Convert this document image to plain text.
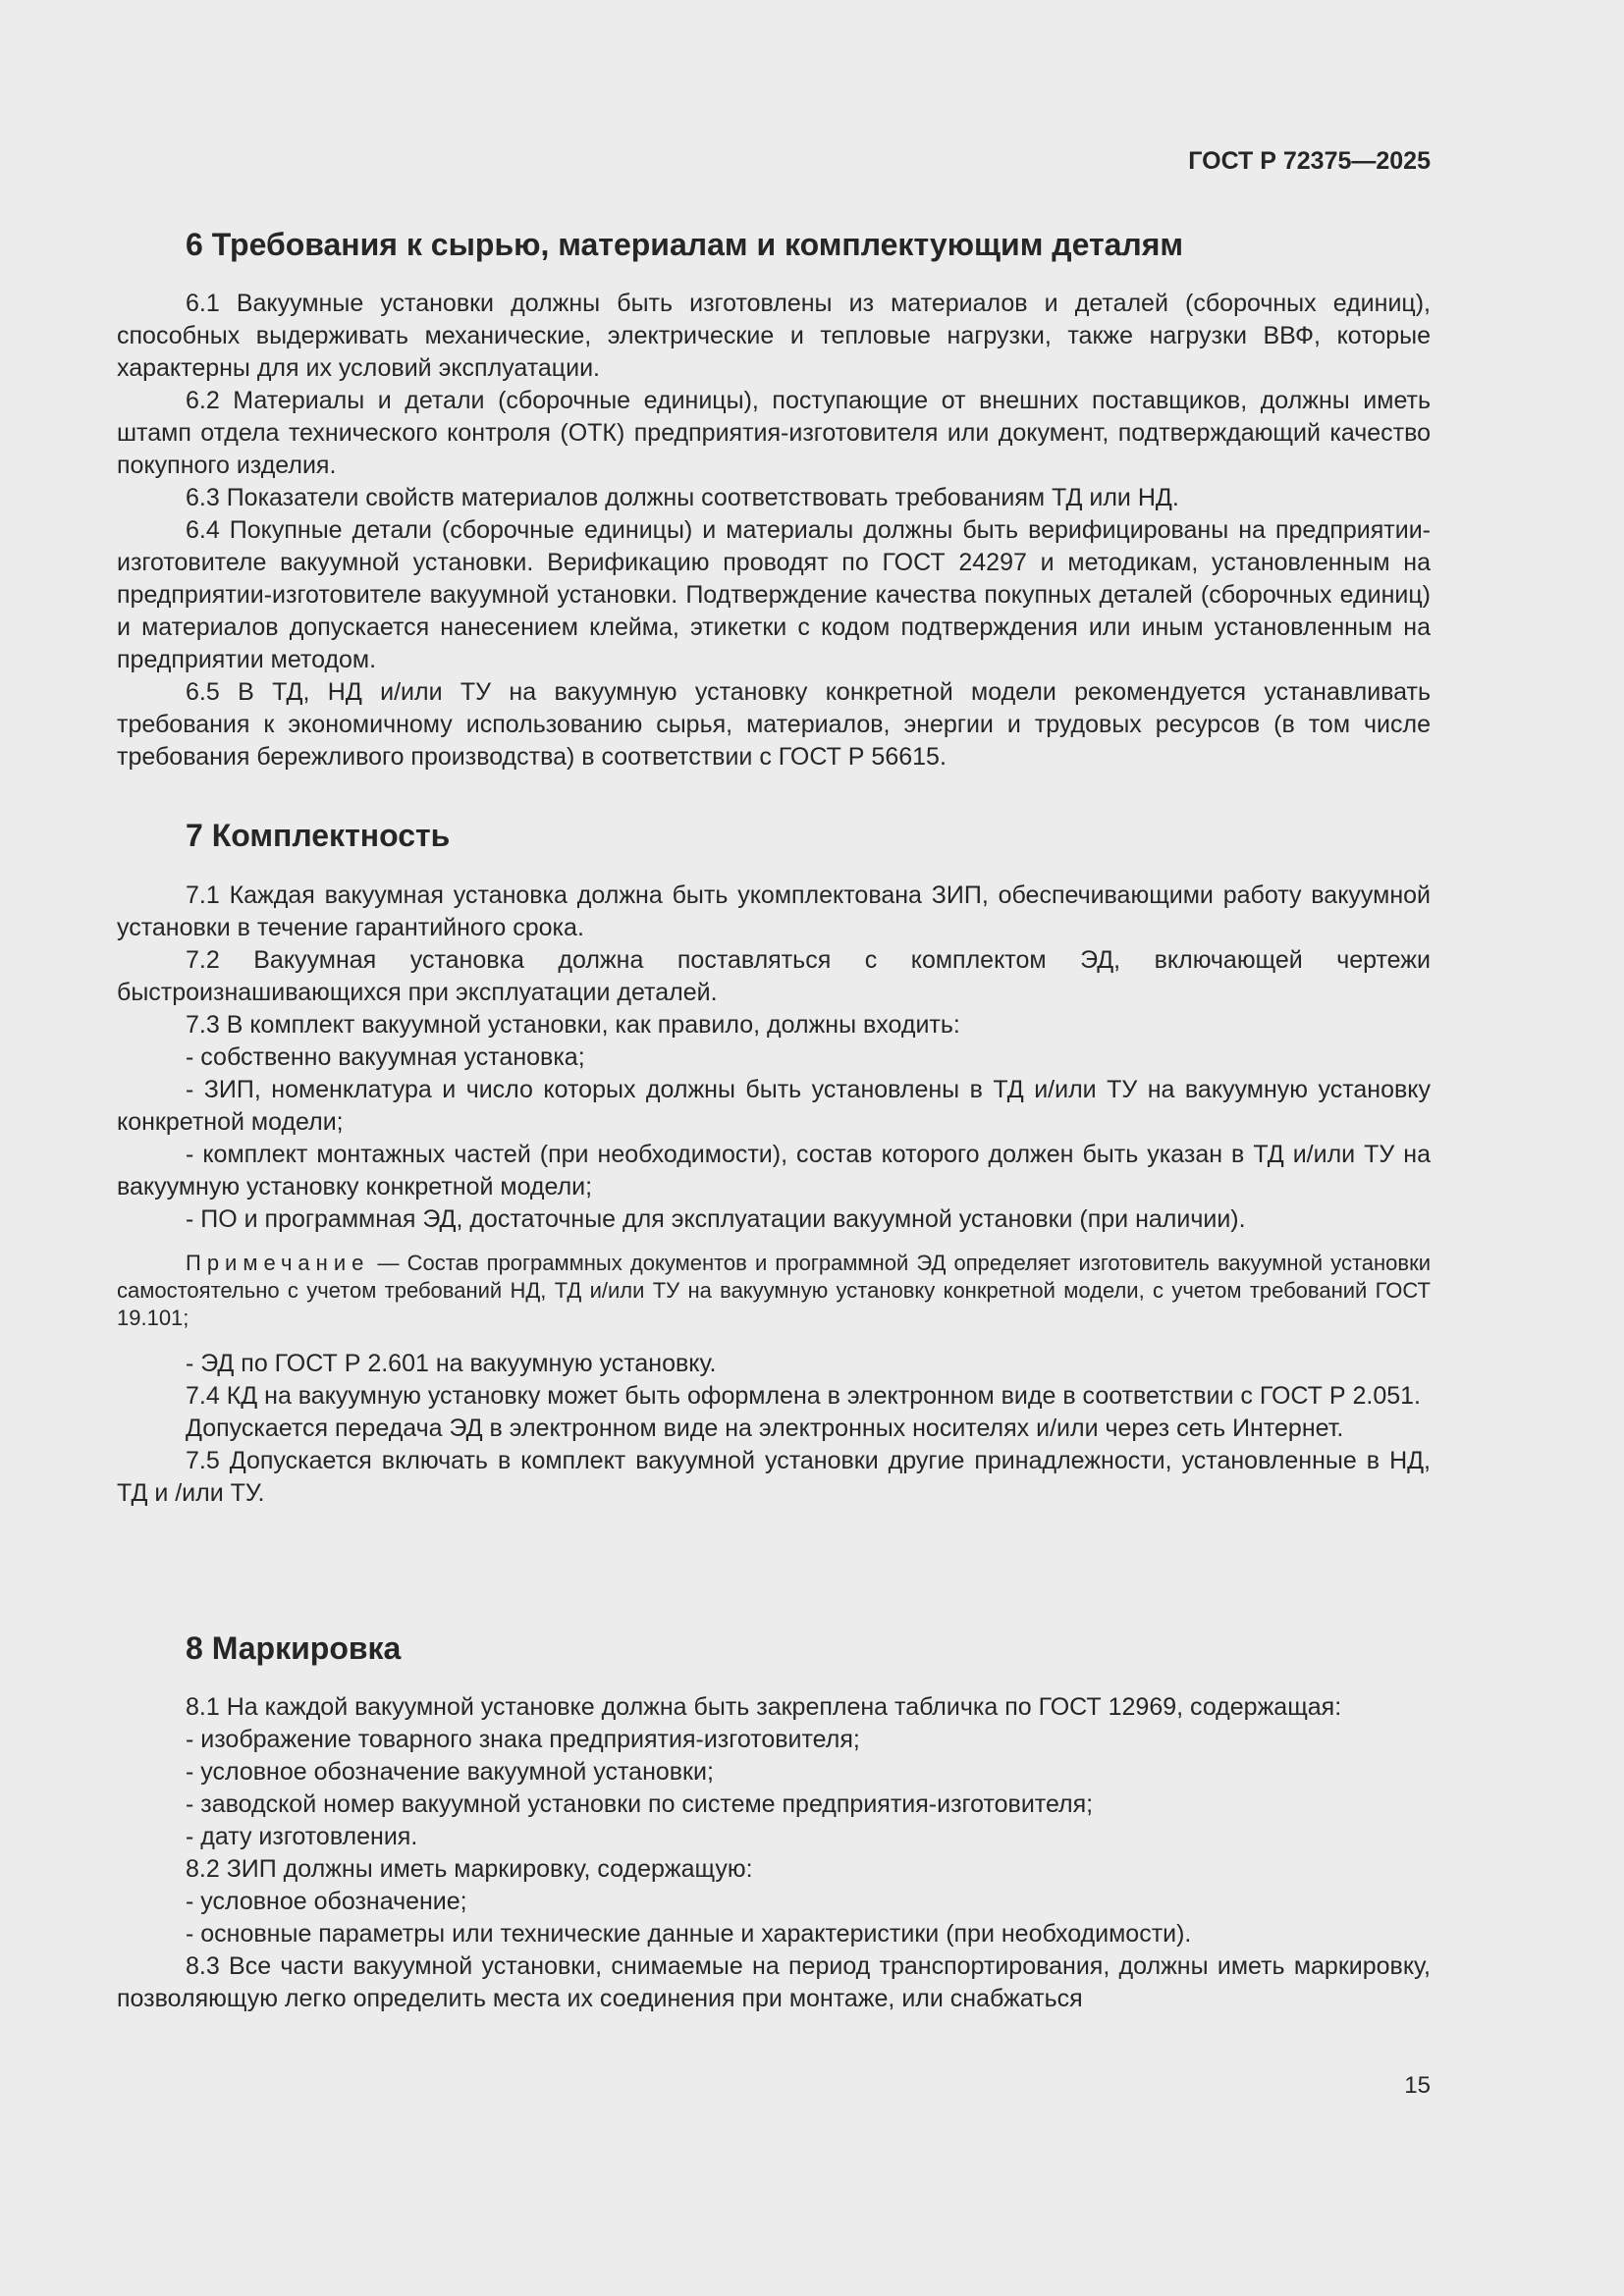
ГОСТ Р 72375—2025
6 Требования к сырью, материалам и комплектующим деталям

6.1 Вакуумные установки должны быть изготовлены из материалов и деталей (сборочных единиц), способных выдерживать механические, электрические и тепловые нагрузки, также нагрузки ВВФ, которые характерны для их условий эксплуатации.

6.2 Материалы и детали (сборочные единицы), поступающие от внешних поставщиков, должны иметь штамп отдела технического контроля (ОТК) предприятия-изготовителя или документ, подтверждающий качество покупного изделия.

6.3 Показатели свойств материалов должны соответствовать требованиям ТД или НД.

6.4 Покупные детали (сборочные единицы) и материалы должны быть верифицированы на предприятии-изготовителе вакуумной установки. Верификацию проводят по ГОСТ 24297 и методикам, установленным на предприятии-изготовителе вакуумной установки. Подтверждение качества покупных деталей (сборочных единиц) и материалов допускается нанесением клейма, этикетки с кодом подтверждения или иным установленным на предприятии методом.

6.5 В ТД, НД и/или ТУ на вакуумную установку конкретной модели рекомендуется устанавливать требования к экономичному использованию сырья, материалов, энергии и трудовых ресурсов (в том числе требования бережливого производства) в соответствии с ГОСТ Р 56615.

7 Комплектность

7.1 Каждая вакуумная установка должна быть укомплектована ЗИП, обеспечивающими работу вакуумной установки в течение гарантийного срока.

7.2 Вакуумная установка должна поставляться с комплектом ЭД, включающей чертежи быстроизнашивающихся при эксплуатации деталей.

7.3 В комплект вакуумной установки, как правило, должны входить:

- собственно вакуумная установка;

- ЗИП, номенклатура и число которых должны быть установлены в ТД и/или ТУ на вакуумную установку конкретной модели;

- комплект монтажных частей (при необходимости), состав которого должен быть указан в ТД и/или ТУ на вакуумную установку конкретной модели;

- ПО и программная ЭД, достаточные для эксплуатации вакуумной установки (при наличии).

Примечание — Состав программных документов и программной ЭД определяет изготовитель вакуумной установки самостоятельно с учетом требований НД, ТД и/или ТУ на вакуумную установку конкретной модели, с учетом требований ГОСТ 19.101;

- ЭД по ГОСТ Р 2.601 на вакуумную установку.

7.4 КД на вакуумную установку может быть оформлена в электронном виде в соответствии с ГОСТ Р 2.051.

Допускается передача ЭД в электронном виде на электронных носителях и/или через сеть Интернет.

7.5 Допускается включать в комплект вакуумной установки другие принадлежности, установленные в НД, ТД и /или ТУ.

8 Маркировка

8.1 На каждой вакуумной установке должна быть закреплена табличка по ГОСТ 12969, содержащая:

- изображение товарного знака предприятия-изготовителя;

- условное обозначение вакуумной установки;

- заводской номер вакуумной установки по системе предприятия-изготовителя;

- дату изготовления.

8.2 ЗИП должны иметь маркировку, содержащую:

- условное обозначение;

- основные параметры или технические данные и характеристики (при необходимости).

8.3 Все части вакуумной установки, снимаемые на период транспортирования, должны иметь маркировку, позволяющую легко определить места их соединения при монтаже, или снабжаться

15
